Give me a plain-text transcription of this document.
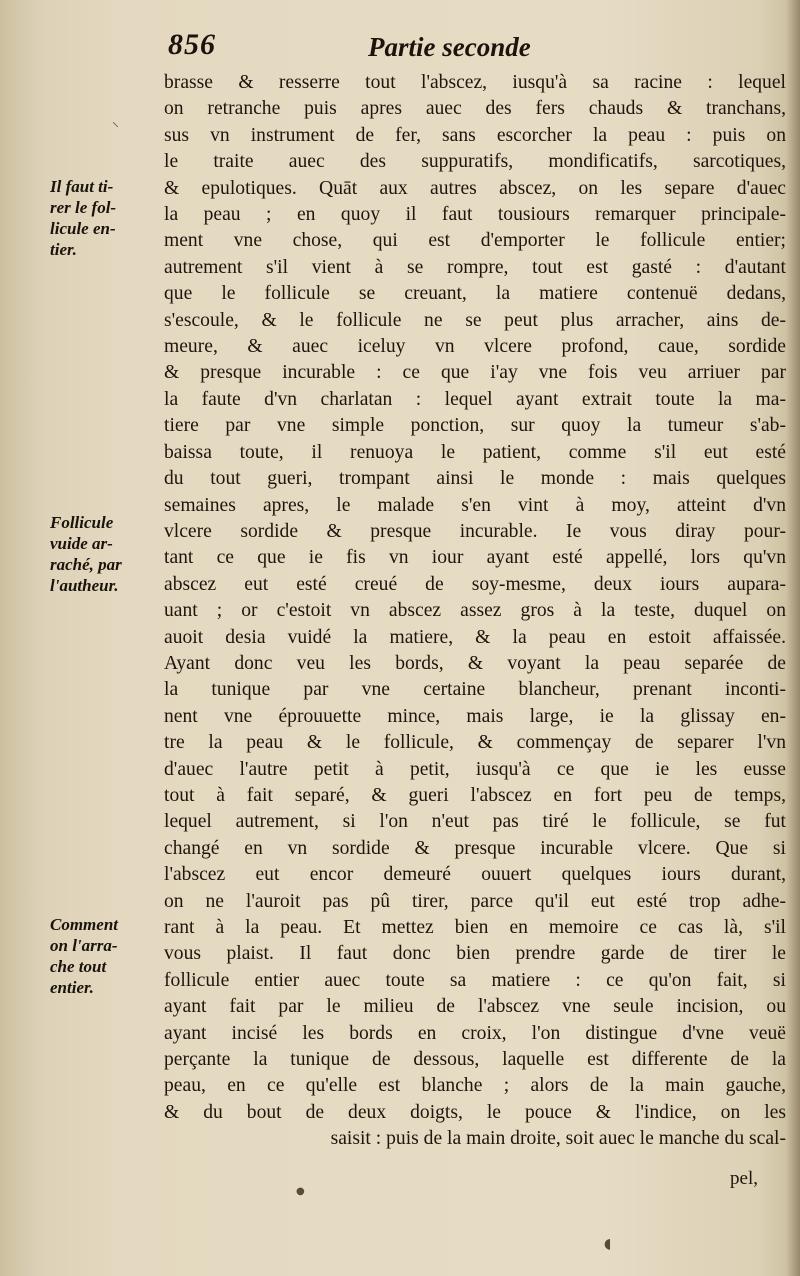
856	Partie seconde
Il faut ti-
rer le fol-
licule en-
tier.
Follicule
vuide ar-
raché, par
l'autheur.
Comment
on l'arra-
che tout
entier.
brasse & resserre tout l'abscez, iusqu'à sa racine : lequel
on retranche puis apres auec des fers chauds & tranchans,
sus vn instrument de fer, sans escorcher la peau : puis on
le traite auec des suppuratifs, mondificatifs, sarcotiques,
& epulotiques. Quāt aux autres abscez, on les separe d'auec
la peau ; en quoy il faut tousiours remarquer principale-
ment vne chose, qui est d'emporter le follicule entier;
autrement s'il vient à se rompre, tout est gasté : d'autant
que le follicule se creuant, la matiere contenuë dedans,
s'escoule, & le follicule ne se peut plus arracher, ains de-
meure, & auec iceluy vn vlcere profond, caue, sordide
& presque incurable : ce que i'ay vne fois veu arriuer par
la faute d'vn charlatan : lequel ayant extrait toute la ma-
tiere par vne simple ponction, sur quoy la tumeur s'ab-
baissa toute, il renuoya le patient, comme s'il eut esté
du tout gueri, trompant ainsi le monde : mais quelques
semaines apres, le malade s'en vint à moy, atteint d'vn
vlcere sordide & presque incurable. Ie vous diray pour-
tant ce que ie fis vn iour ayant esté appellé, lors qu'vn
abscez eut esté creué de soy-mesme, deux iours aupara-
uant ; or c'estoit vn abscez assez gros à la teste, duquel on
auoit desia vuidé la matiere, & la peau en estoit affaissée.
Ayant donc veu les bords, & voyant la peau separée de
la tunique par vne certaine blancheur, prenant inconti-
nent vne éprouuette mince, mais large, ie la glissay en-
tre la peau & le follicule, & commençay de separer l'vn
d'auec l'autre petit à petit, iusqu'à ce que ie les eusse
tout à fait separé, & gueri l'abscez en fort peu de temps,
lequel autrement, si l'on n'eut pas tiré le follicule, se fut
changé en vn sordide & presque incurable vlcere. Que si
l'abscez eut encor demeuré ouuert quelques iours durant,
on ne l'auroit pas pû tirer, parce qu'il eut esté trop adhe-
rant à la peau. Et mettez bien en memoire ce cas là, s'il
vous plaist. Il faut donc bien prendre garde de tirer le
follicule entier auec toute sa matiere : ce qu'on fait, si
ayant fait par le milieu de l'abscez vne seule incision, ou
ayant incisé les bords en croix, l'on distingue d'vne veuë
perçante la tunique de dessous, laquelle est differente de la
peau, en ce qu'elle est blanche ; alors de la main gauche,
& du bout de deux doigts, le pouce & l'indice, on les
saisit : puis de la main droite, soit auec le manche du scal-
pel,
⸌
●
◖
